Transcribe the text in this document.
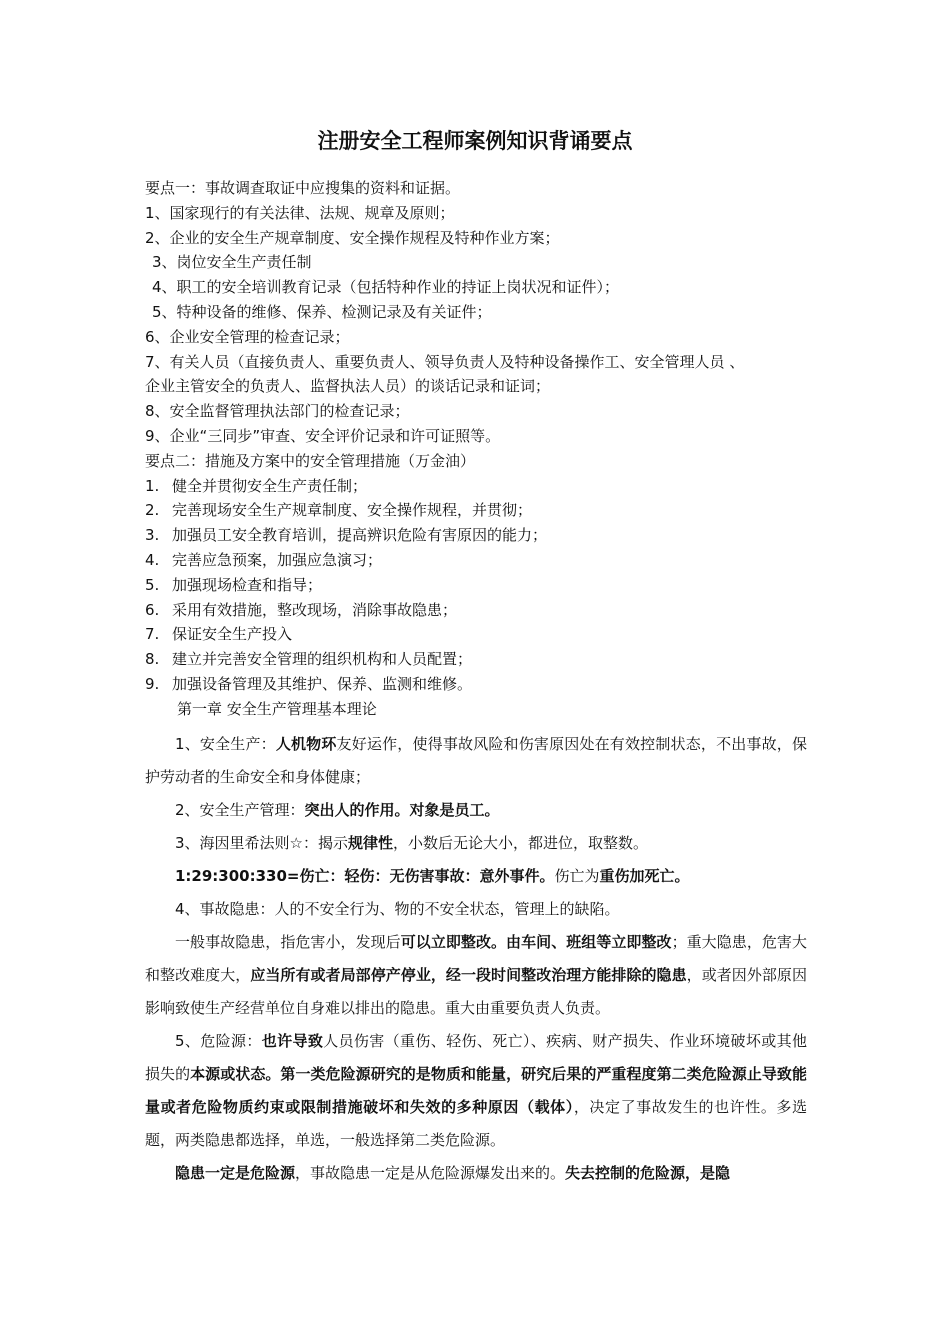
注册安全工程师案例知识背诵要点
要点一：事故调查取证中应搜集的资料和证据。
1、国家现行的有关法律、法规、规章及原则；
2、企业的安全生产规章制度、安全操作规程及特种作业方案；
3、岗位安全生产责任制
4、职工的安全培训教育记录（包括特种作业的持证上岗状况和证件）；
5、特种设备的维修、保养、检测记录及有关证件；
6、企业安全管理的检查记录；
7、有关人员（直接负责人、重要负责人、领导负责人及特种设备操作工、安全管理人员 、
企业主管安全的负责人、监督执法人员）的谈话记录和证词；
8、安全监督管理执法部门的检查记录；
9、企业“三同步”审查、安全评价记录和许可证照等。
要点二：措施及方案中的安全管理措施（万金油）
1. 健全并贯彻安全生产责任制；
2. 完善现场安全生产规章制度、安全操作规程，并贯彻；
3. 加强员工安全教育培训，提高辨识危险有害原因的能力；
4. 完善应急预案，加强应急演习；
5. 加强现场检查和指导；
6. 采用有效措施，整改现场，消除事故隐患；
7. 保证安全生产投入
8. 建立并完善安全管理的组织机构和人员配置；
9. 加强设备管理及其维护、保养、监测和维修。
第一章 安全生产管理基本理论

1、安全生产：人机物环友好运作，使得事故风险和伤害原因处在有效控制状态，不出事故，保护劳动者的生命安全和身体健康；

2、安全生产管理：突出人的作用。对象是员工。

3、海因里希法则☆：揭示规律性，小数后无论大小，都进位，取整数。

1:29:300:330=伤亡：轻伤：无伤害事故：意外事件。伤亡为重伤加死亡。

4、事故隐患：人的不安全行为、物的不安全状态，管理上的缺陷。

一般事故隐患，指危害小，发现后可以立即整改。由车间、班组等立即整改；重大隐患，危害大和整改难度大，应当所有或者局部停产停业，经一段时间整改治理方能排除的隐患，或者因外部原因影响致使生产经营单位自身难以排出的隐患。重大由重要负责人负责。

5、危险源：也许导致人员伤害（重伤、轻伤、死亡）、疾病、财产损失、作业环境破坏或其他损失的本源或状态。第一类危险源研究的是物质和能量，研究后果的严重程度第二类危险源止导致能量或者危险物质约束或限制措施破坏和失效的多种原因（载体），决定了事故发生的也许性。多选题，两类隐患都选择，单选，一般选择第二类危险源。

隐患一定是危险源，事故隐患一定是从危险源爆发出来的。失去控制的危险源，是隐
